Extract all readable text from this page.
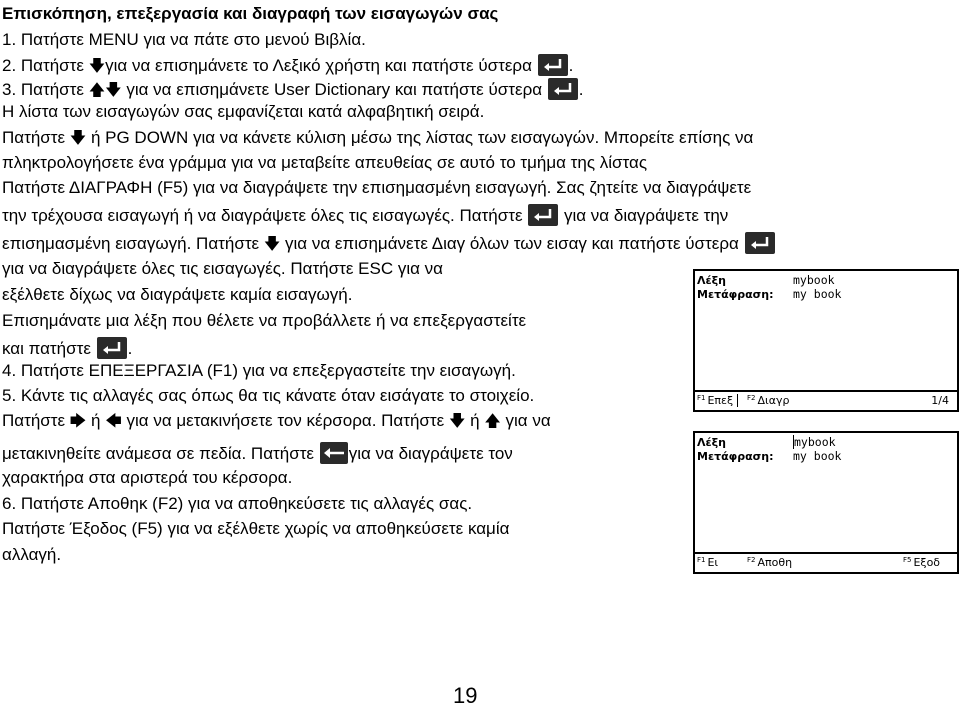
Επισκόπηση, επεξεργασία και διαγραφή των εισαγωγών σας
1. Πατήστε MENU για να πάτε στο μενού Βιβλία.
2. Πατήστε 🡇για να επισημάνετε το Λεξικό χρήστη και πατήστε ύστερα
.
3. Πατήστε 🡅🡇 για να επισημάνετε User Dictionary και πατήστε ύστερα
.
Η λίστα των εισαγωγών σας εμφανίζεται κατά αλφαβητική σειρά.
Πατήστε 🡇 ή PG DOWN για να κάνετε κύλιση μέσω της λίστας των εισαγωγών. Μπορείτε επίσης να
πληκτρολογήσετε ένα γράμμα για να μεταβείτε απευθείας σε αυτό το τμήμα της λίστας
Πατήστε ΔΙΑΓΡΑΦΗ (F5) για να διαγράψετε την επισημασμένη εισαγωγή. Σας ζητείτε να διαγράψετε
την τρέχουσα εισαγωγή ή να διαγράψετε όλες τις εισαγωγές. Πατήστε
για να διαγράψετε την
επισημασμένη εισαγωγή. Πατήστε 🡇 για να επισημάνετε Διαγ όλων των εισαγ και πατήστε ύστερα
για να διαγράψετε όλες τις εισαγωγές. Πατήστε ESC για να
εξέλθετε δίχως να διαγράψετε καμία εισαγωγή.
Επισημάνατε μια λέξη που θέλετε να προβάλλετε ή να επεξεργαστείτε
και πατήστε
.
4. Πατήστε ΕΠΕΞΕΡΓΑΣΙΑ (F1) για να επεξεργαστείτε την εισαγωγή.
5. Κάντε τις αλλαγές σας όπως θα τις κάνατε όταν εισάγατε το στοιχείο.
Πατήστε 🡆 ή 🡄 για να μετακινήσετε τον κέρσορα. Πατήστε 🡇 ή 🡅 για να
μετακινηθείτε ανάμεσα σε πεδία. Πατήστε
για να διαγράψετε τον
χαρακτήρα στα αριστερά του κέρσορα.
6. Πατήστε Αποθηκ (F2) για να αποθηκεύσετε τις αλλαγές σας.
Πατήστε Έξοδος (F5) για να εξέλθετε χωρίς να αποθηκεύσετε καμία
αλλαγή.
Λέξη	mybook
Μετάφραση: my book
$^{F1}$ Επεξ	$^{F2}$ Διαγρ	1/4
Λέξη	mybook
Μετάφραση: my book
$^{F1}$ Ει	$^{F2}$ Αποθη	$^{F5}$ Εξοδ
19
